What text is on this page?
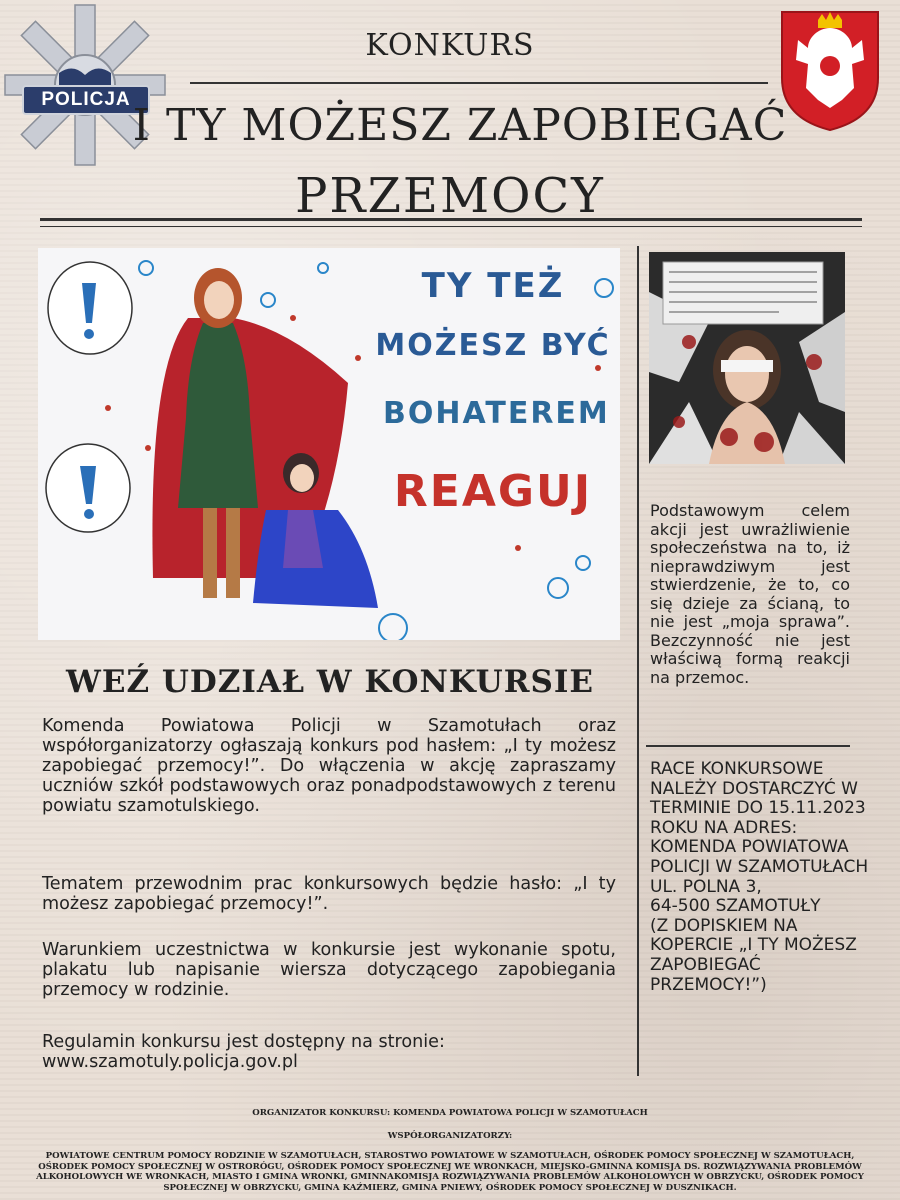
POLICJA
KONKURS
I TY MOŻESZ ZAPOBIEGAĆ
PRZEMOCY
TY TEŻ
MOŻESZ BYĆ
BOHATEREM
REAGUJ	Podstawowym celem akcji jest uwrażliwienie społeczeństwa na to, iż nieprawdziwym jest stwierdzenie, że to, co się dzieje za ścianą, to nie jest „moja sprawa”. Bezczynność nie jest właściwą formą reakcji na przemoc.
RACE KONKURSOWE NALEŻY DOSTARCZYĆ W TERMINIE DO 15.11.2023 ROKU NA ADRES:
KOMENDA POWIATOWA POLICJI W SZAMOTUŁACH
UL. POLNA 3,
64-500 SZAMOTUŁY
(Z DOPISKIEM NA KOPERCIE „I TY MOŻESZ ZAPOBIEGAĆ PRZEMOCY!”)
WEŹ UDZIAŁ W KONKURSIE
Komenda Powiatowa Policji w Szamotułach oraz współorganizatorzy ogłaszają konkurs pod hasłem: „I ty możesz zapobiegać przemocy!”. Do włączenia w akcję zapraszamy uczniów szkół podstawowych oraz ponadpodstawowych z terenu powiatu szamotulskiego.
Tematem przewodnim prac konkursowych będzie hasło: „I ty możesz zapobiegać przemocy!”.
Warunkiem uczestnictwa w konkursie jest wykonanie spotu, plakatu lub napisanie wiersza dotyczącego zapobiegania przemocy w rodzinie.
Regulamin konkursu jest dostępny na stronie: www.szamotuly.policja.gov.pl
ORGANIZATOR KONKURSU: KOMENDA POWIATOWA POLICJI W SZAMOTUŁACH
WSPÓŁORGANIZATORZY:
POWIATOWE CENTRUM POMOCY RODZINIE W SZAMOTUŁACH, STAROSTWO POWIATOWE W SZAMOTUŁACH, OŚRODEK POMOCY SPOŁECZNEJ W SZAMOTUŁACH, OŚRODEK POMOCY SPOŁECZNEJ W OSTRORÓGU, OŚRODEK POMOCY SPOŁECZNEJ WE WRONKACH, MIEJSKO-GMINNA KOMISJA DS. ROZWIĄZYWANIA PROBLEMÓW ALKOHOLOWYCH WE WRONKACH, MIASTO I GMINA WRONKI, GMINNAKOMISJA ROZWIĄZYWANIA PROBLEMÓW ALKOHOLOWYCH W OBRZYCKU, OŚRODEK POMOCY SPOŁECZNEJ W OBRZYCKU, GMINA KAŹMIERZ, GMINA PNIEWY, OŚRODEK POMOCY SPOŁECZNEJ W DUSZNIKACH.
